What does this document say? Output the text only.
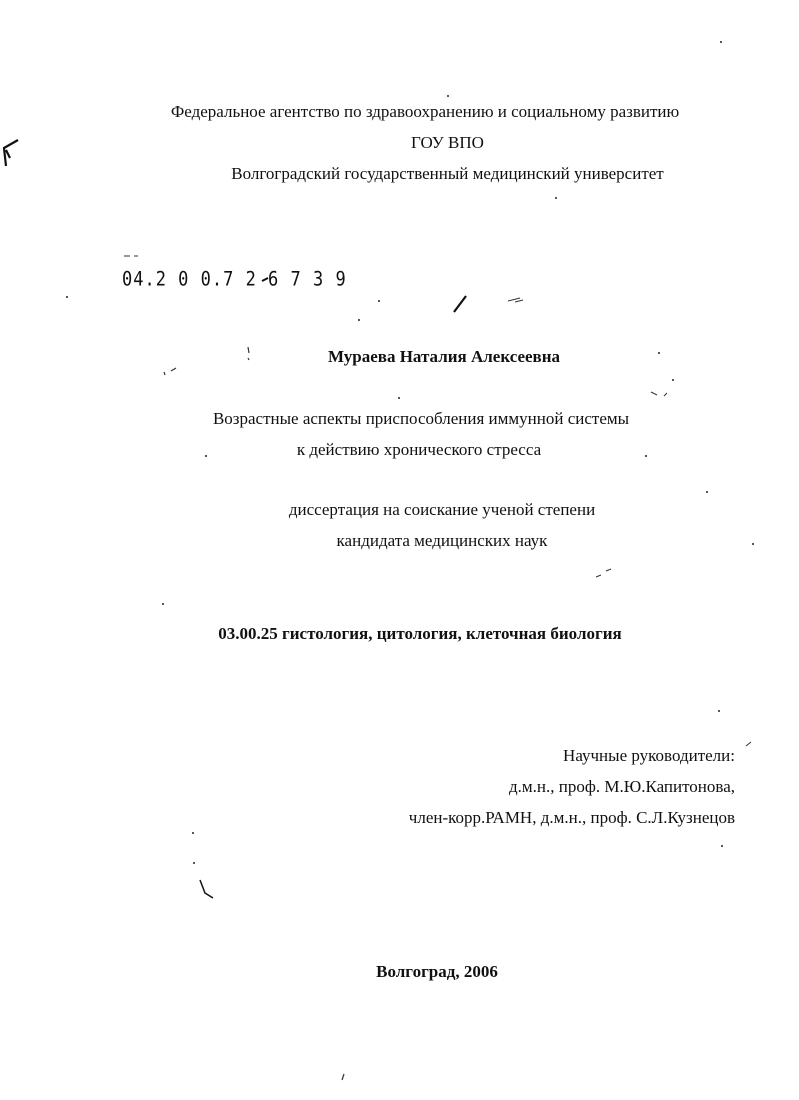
Федеральное агентство по здравоохранению и социальному развитию
ГОУ ВПО
Волгоградский государственный медицинский университет
04.2 0 0.7 2 6 7 3 9
Мураева Наталия Алексеевна
Возрастные аспекты приспособления иммунной системы
к действию хронического стресса
диссертация на соискание ученой степени
кандидата медицинских наук
03.00.25 гистология, цитология, клеточная биология
Научные руководители:
д.м.н., проф. М.Ю.Капитонова,
член-корр.РАМН, д.м.н., проф. С.Л.Кузнецов
Волгоград, 2006
